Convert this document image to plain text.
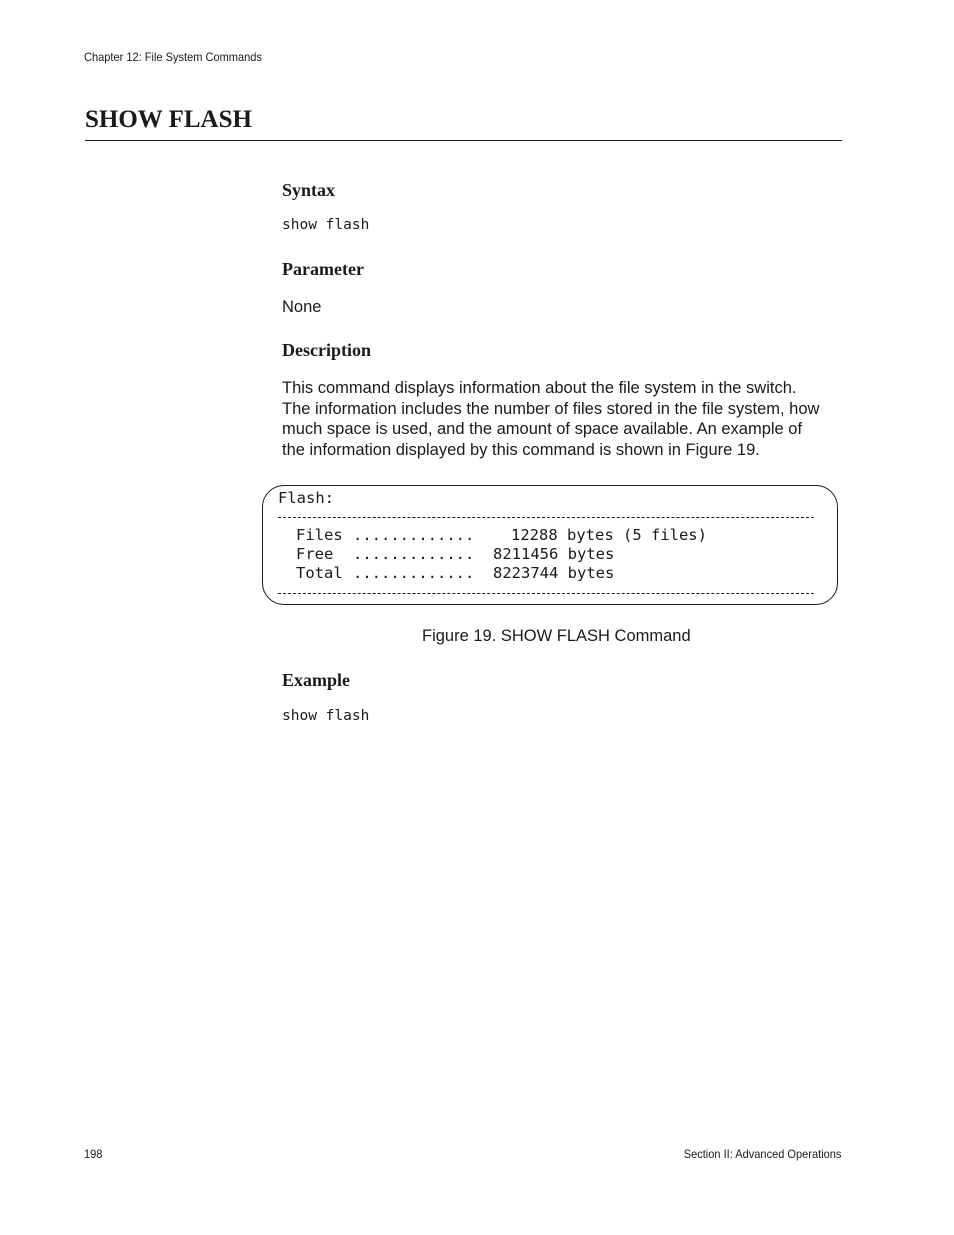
Chapter 12: File System Commands
SHOW FLASH
Syntax
show flash
Parameter
None
Description
This command displays information about the file system in the switch.
The information includes the number of files stored in the file system, how
much space is used, and the amount of space available. An example of
the information displayed by this command is shown in Figure 19.
Flash:
Files ............. 12288 bytes (5 files)
Free ............. 8211456 bytes
Total ............. 8223744 bytes
Figure 19. SHOW FLASH Command
Example
show flash
198	Section II: Advanced Operations
